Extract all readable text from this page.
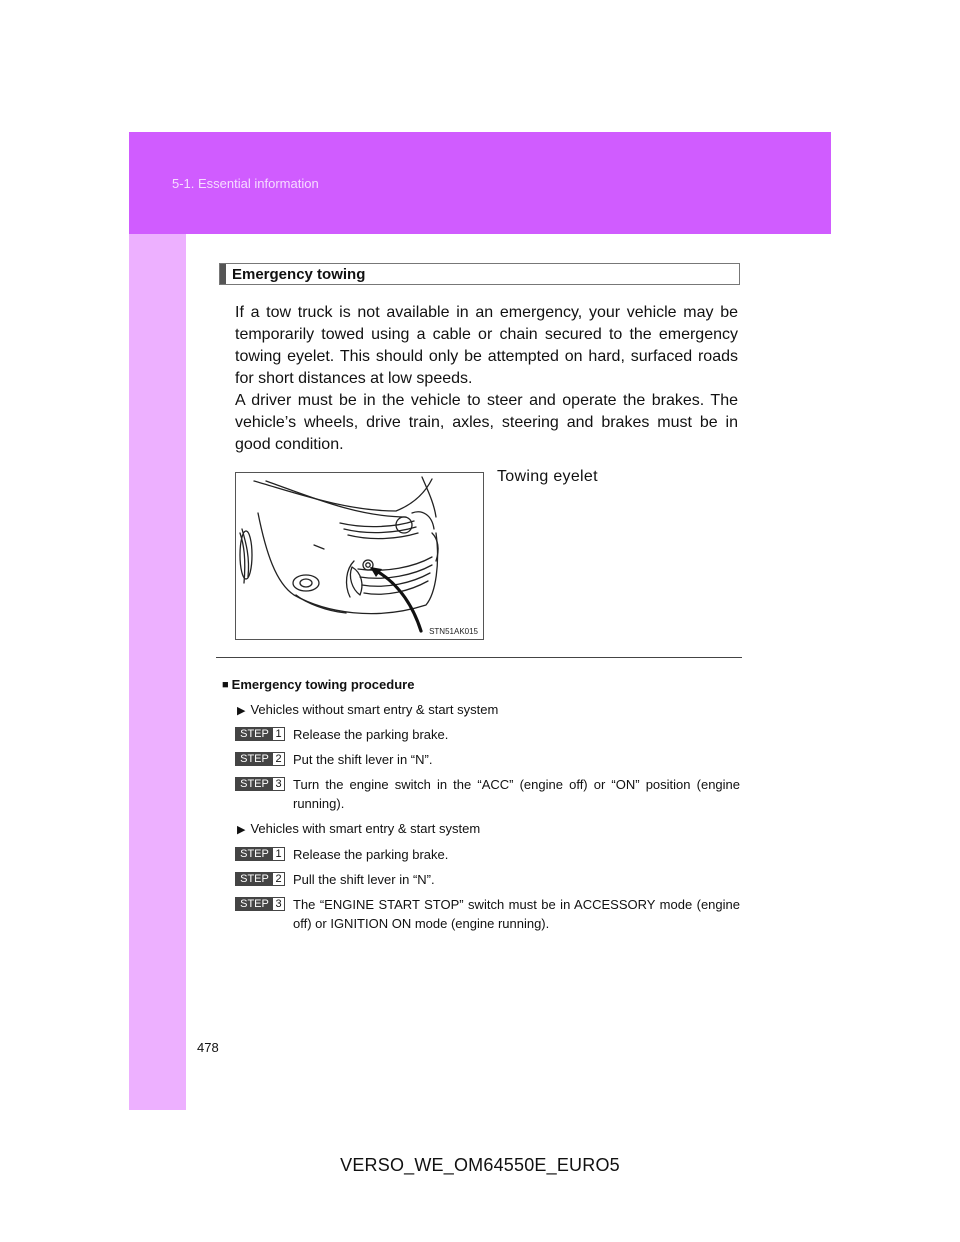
5-1. Essential information
Emergency towing

If a tow truck is not available in an emergency, your vehicle may be temporarily towed using a cable or chain secured to the emergency towing eyelet. This should only be attempted on hard, surfaced roads for short distances at low speeds.

A driver must be in the vehicle to steer and operate the brakes. The vehicle’s wheels, drive train, axles, steering and brakes must be in good condition.

STN51AK015
Towing eyelet
■ Emergency towing procedure
▶ Vehicles without smart entry & start system
STEP 1 Release the parking brake.
STEP 2 Put the shift lever in “N”.
STEP 3 Turn the engine switch in the “ACC” (engine off) or “ON” position (engine running).
▶ Vehicles with smart entry & start system
STEP 1 Release the parking brake.
STEP 2 Pull the shift lever in “N”.
STEP 3 The “ENGINE START STOP” switch must be in ACCESSORY mode (engine off) or IGNITION ON mode (engine running).
478
VERSO_WE_OM64550E_EURO5
